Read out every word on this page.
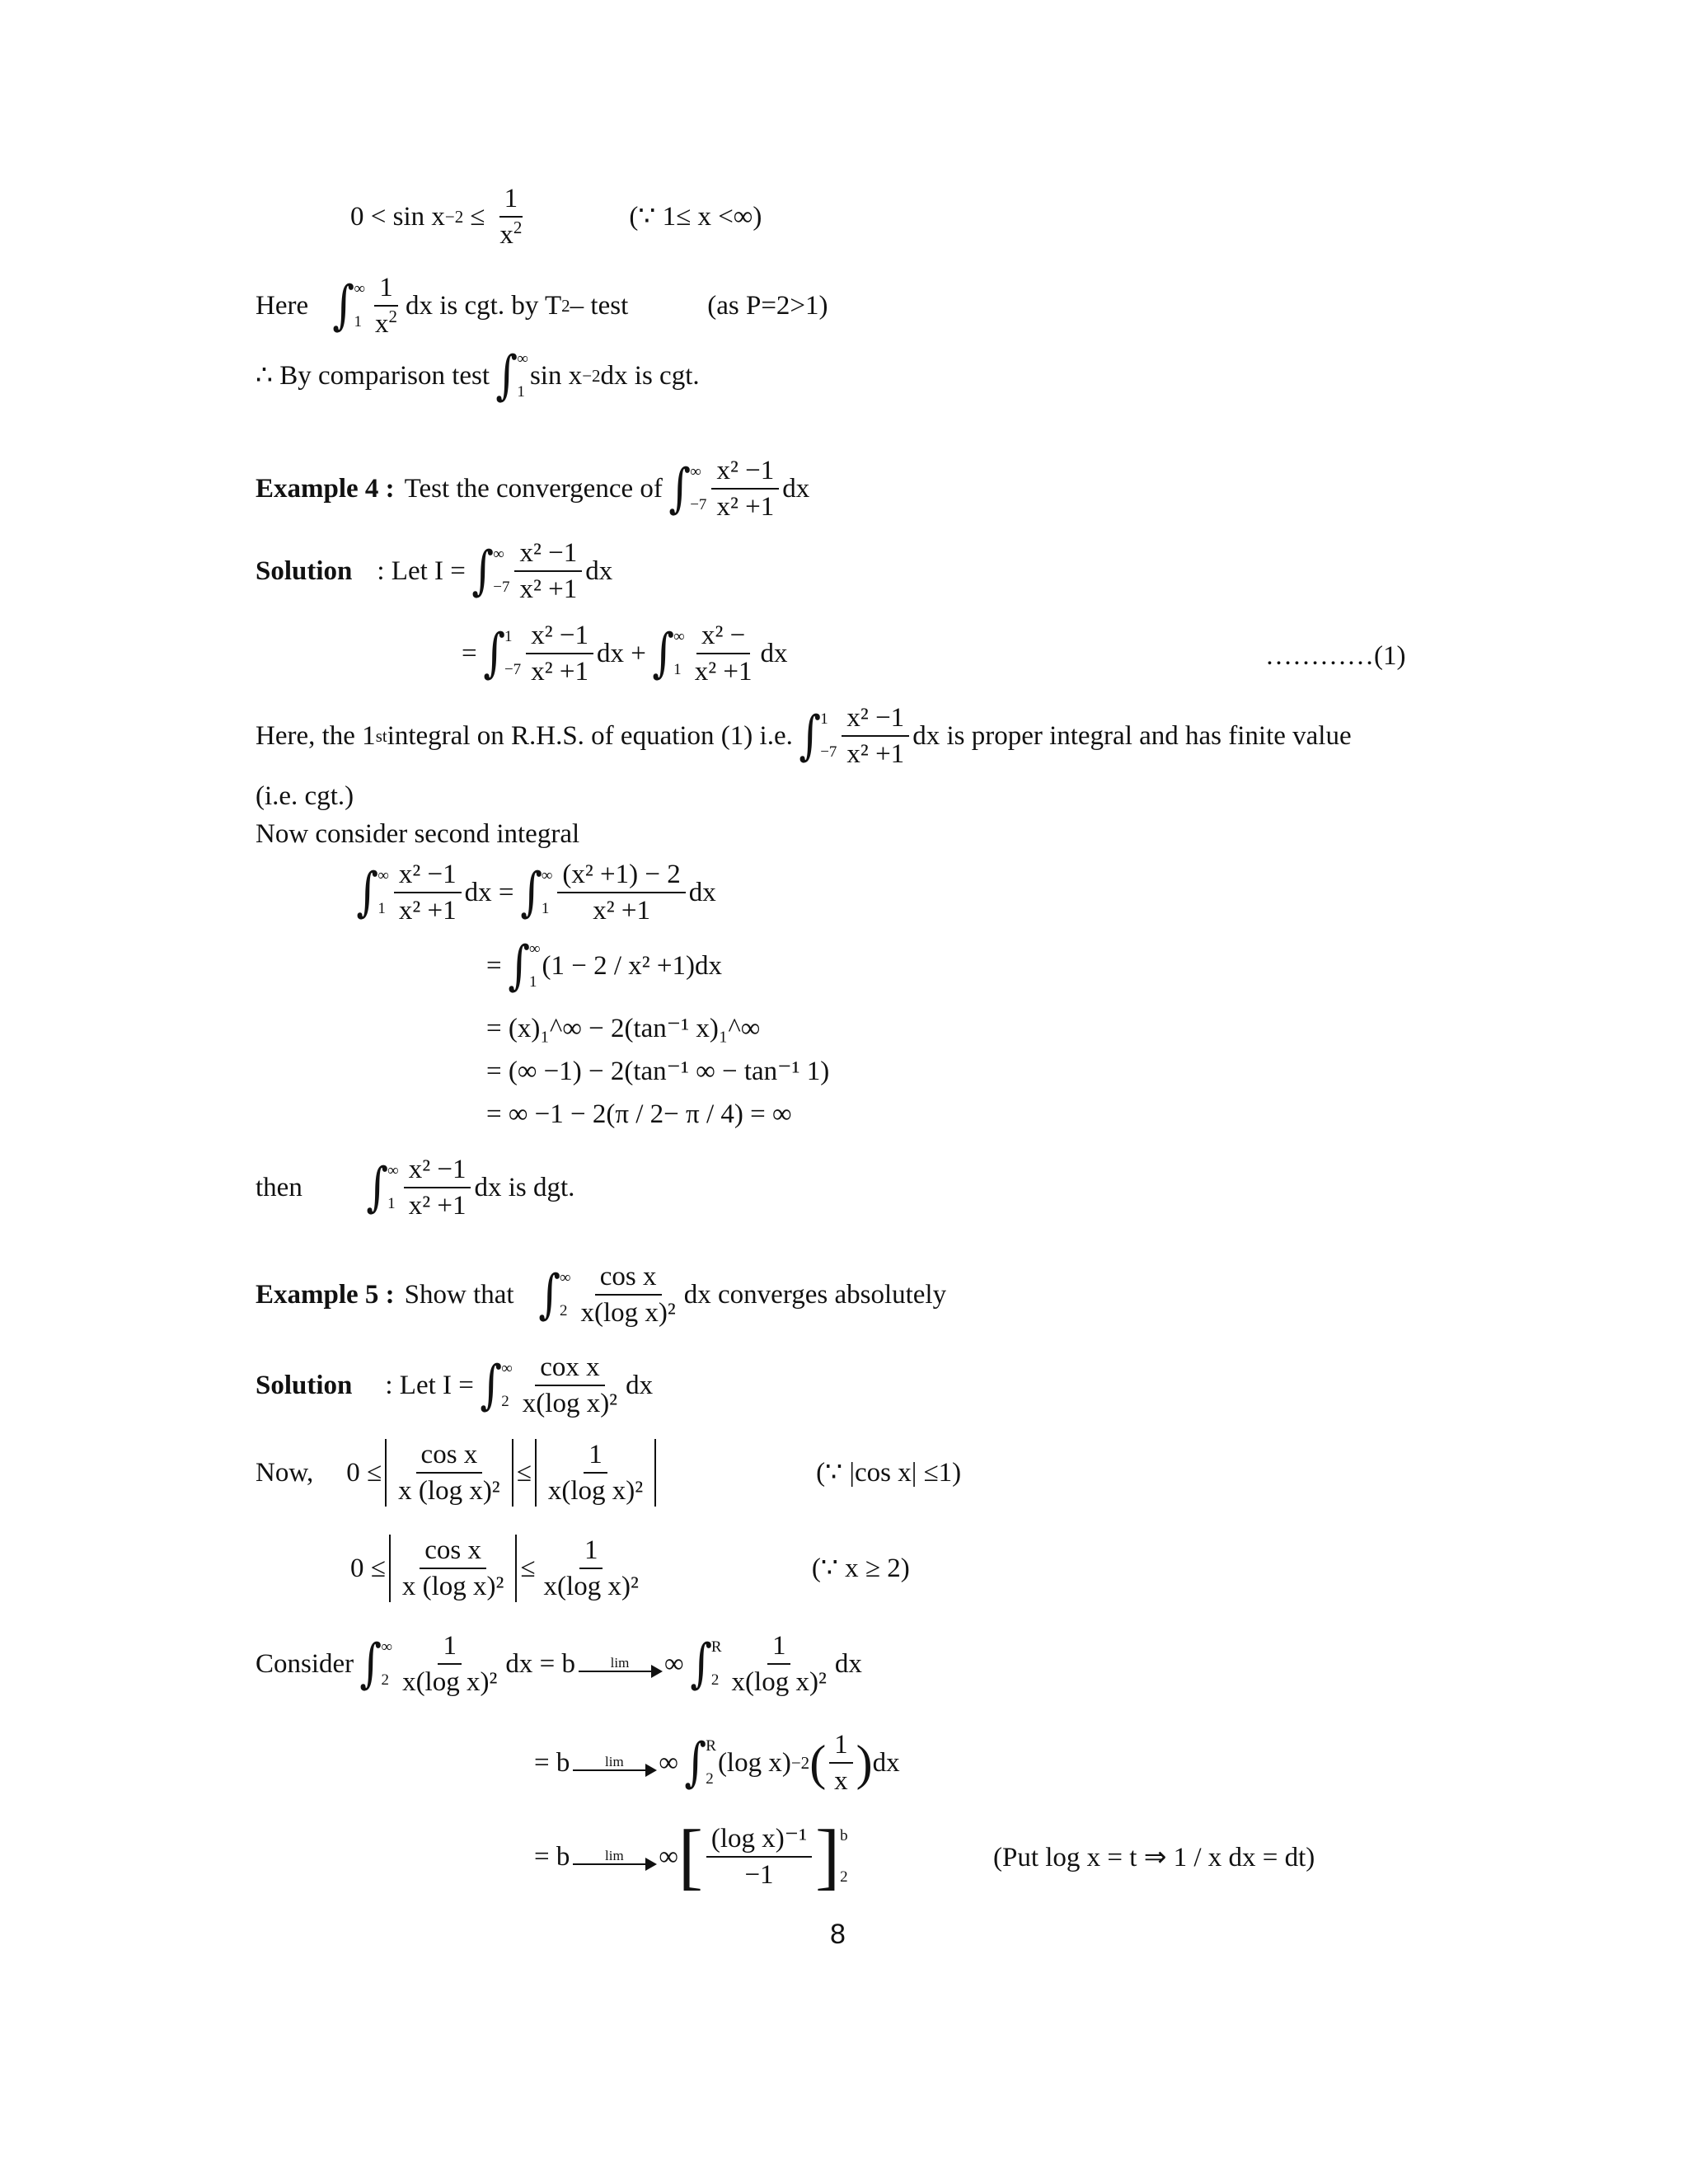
$0 < \sin x -2 \le \frac{1}{x^2}$	(∵ 1≤ x <∞)
Here ∫ ∞
$1 \frac{1}{x^2}$ dx is cgt. by T 2 – test	(as P=2>1)
∴ By comparison test ∫ ∞
1
sin x −2 dx is cgt.
Example 4 : Test the convergence of ∫ ∞
$-7 \frac{\text{x² −1}}{\text{x² +1}}$ dx
Solution : Let I = ∫ ∞
$-7 \frac{\text{x² −1}}{\text{x² +1}}$ dx
= ∫ 1
$-7 \frac{\text{x² −1}}{\text{x² +1}}$ dx + ∫ ∞
$1 \frac{\text{x² −}}{\text{x² +1}}$ dx	…………(1)
Here, the 1 st integral on R.H.S. of equation (1) i.e. ∫ 1
$-7 \frac{\text{x² −1}}{\text{x² +1}}$ dx is proper integral and has finite value
(i.e. cgt.)
Now consider second integral
∫ ∞
$1 \frac{\text{x² −1}}{\text{x² +1}}$ dx = ∫ ∞
$1 \frac{\text{(x² +1) − 2}}{\text{x² +1}}$ dx
= ∫ ∞
1
(1 − 2 / x² +1)dx
= (x)₁^∞ − 2(tan⁻¹ x)₁^∞
= (∞ −1) − 2(tan⁻¹ ∞ − tan⁻¹ 1)
= ∞ −1 − 2(π / 2− π / 4) = ∞
then ∫ ∞
$1 \frac{\text{x² −1}}{\text{x² +1}}$ dx is dgt.
Example 5 : Show that ∫ ∞
$2 \frac{\text{cos x}}{\text{x(log x)²}}$ dx converges absolutely
Solution : Let I = ∫ ∞
$2 \frac{\text{cox x}}{\text{x(log x)²}}$ dx
Now, $0 \le \frac{\text{cos x}}{\text{x (log x)²}} \le \frac{1}{\text{x(log x)²}}$	(∵ |cos x| ≤1)
$0 \le \frac{\text{cos x}}{\text{x (log x)²}} \le \frac{1}{\text{x(log x)²}}$	(∵ x ≥ 2)
Consider ∫ ∞
$2 \frac{1}{\text{x(log x)²}}$ dx = b	lim ∞ ∫ R
$2 \frac{1}{\text{x(log x)²}}$ dx
= b	lim ∞ ∫ R
2
(log x) −2 ( $\frac{1}{x}$ ) dx
= b	lim ∞ [ $\frac{\text{(log x)⁻¹}}{-1}$ ] b
2
(Put log x = t ⇒ 1 / x dx = dt)
8
